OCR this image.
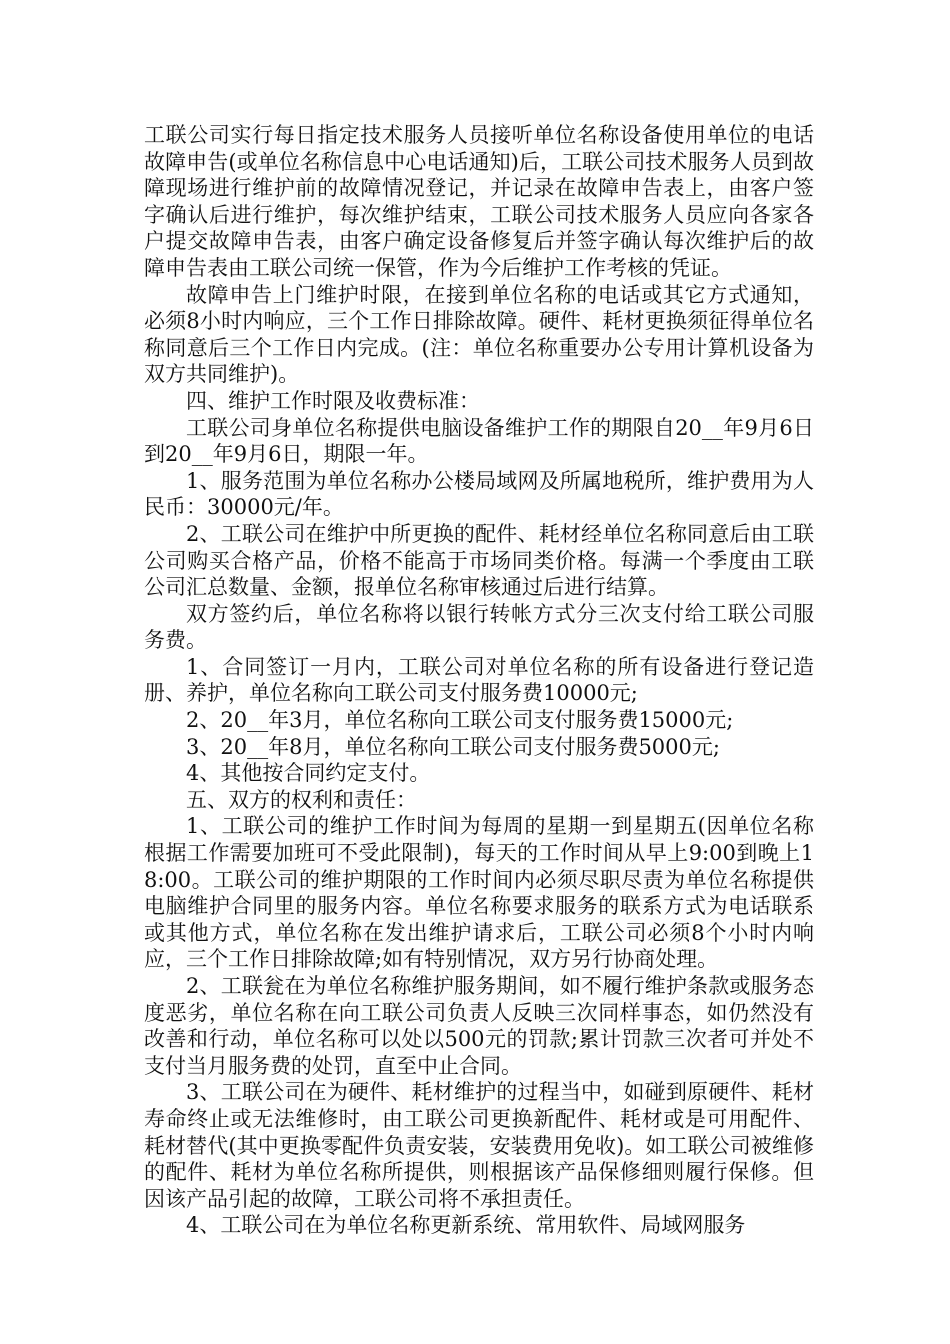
工联公司实行每日指定技术服务人员接听单位名称设备使用单位的电话故障申告(或单位名称信息中心电话通知)后，工联公司技术服务人员到故障现场进行维护前的故障情况登记，并记录在故障申告表上，由客户签字确认后进行维护，每次维护结束，工联公司技术服务人员应向各家各户提交故障申告表，由客户确定设备修复后并签字确认每次维护后的故障申告表由工联公司统一保管，作为今后维护工作考核的凭证。

故障申告上门维护时限，在接到单位名称的电话或其它方式通知，必须8小时内响应，三个工作日排除故障。硬件、耗材更换须征得单位名称同意后三个工作日内完成。(注：单位名称重要办公专用计算机设备为双方共同维护)。

四、维护工作时限及收费标准：

工联公司身单位名称提供电脑设备维护工作的期限自20__年9月6日到20__年9月6日，期限一年。

1、服务范围为单位名称办公楼局域网及所属地税所，维护费用为人民币：30000元/年。

2、工联公司在维护中所更换的配件、耗材经单位名称同意后由工联公司购买合格产品，价格不能高于市场同类价格。每满一个季度由工联公司汇总数量、金额，报单位名称审核通过后进行结算。

双方签约后，单位名称将以银行转帐方式分三次支付给工联公司服务费。

1、合同签订一月内，工联公司对单位名称的所有设备进行登记造册、养护，单位名称向工联公司支付服务费10000元;

2、20__年3月，单位名称向工联公司支付服务费15000元;

3、20__年8月，单位名称向工联公司支付服务费5000元;

4、其他按合同约定支付。

五、双方的权利和责任：

1、工联公司的维护工作时间为每周的星期一到星期五(因单位名称根据工作需要加班可不受此限制)，每天的工作时间从早上9:00到晚上18:00。工联公司的维护期限的工作时间内必须尽职尽责为单位名称提供电脑维护合同里的服务内容。单位名称要求服务的联系方式为电话联系或其他方式，单位名称在发出维护请求后，工联公司必须8个小时内响应，三个工作日排除故障;如有特别情况，双方另行协商处理。

2、工联瓮在为单位名称维护服务期间，如不履行维护条款或服务态度恶劣，单位名称在向工联公司负责人反映三次同样事态，如仍然没有改善和行动，单位名称可以处以500元的罚款;累计罚款三次者可并处不支付当月服务费的处罚，直至中止合同。

3、工联公司在为硬件、耗材维护的过程当中，如碰到原硬件、耗材寿命终止或无法维修时，由工联公司更换新配件、耗材或是可用配件、耗材替代(其中更换零配件负责安装，安装费用免收)。如工联公司被维修的配件、耗材为单位名称所提供，则根据该产品保修细则履行保修。但因该产品引起的故障，工联公司将不承担责任。

4、工联公司在为单位名称更新系统、常用软件、局域网服务
